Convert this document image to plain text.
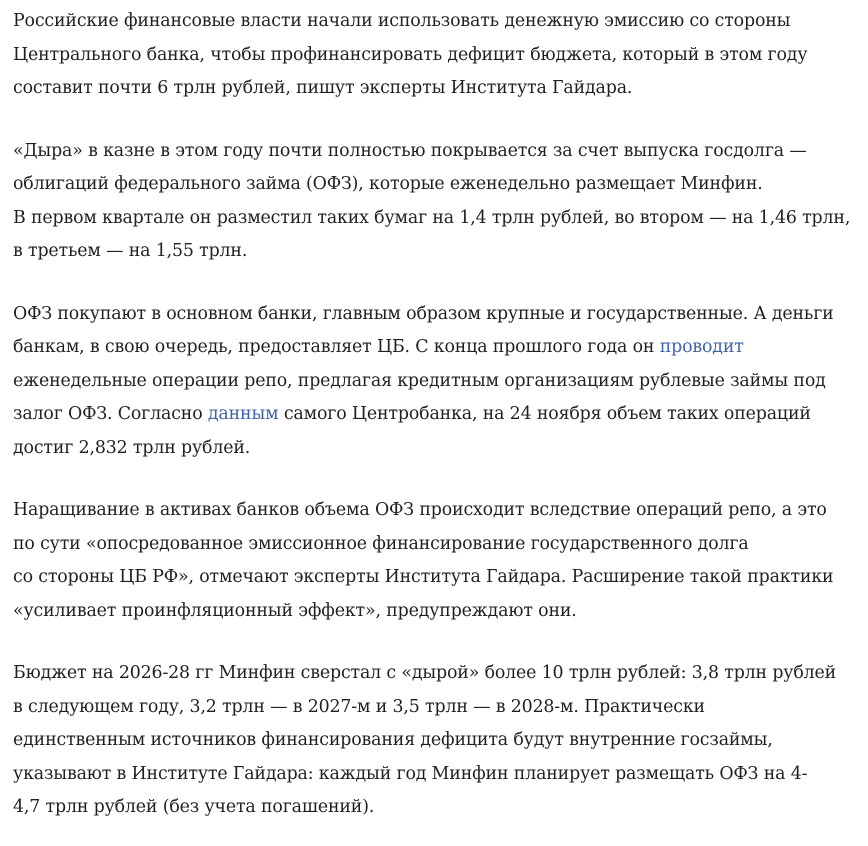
Российские финансовые власти начали использовать денежную эмиссию со стороны
Центрального банка, чтобы профинансировать дефицит бюджета, который в этом году
составит почти 6 трлн рублей, пишут эксперты Института Гайдара.

«Дыра» в казне в этом году почти полностью покрывается за счет выпуска госдолга —
облигаций федерального займа (ОФЗ), которые еженедельно размещает Минфин.
В первом квартале он разместил таких бумаг на 1,4 трлн рублей, во втором — на 1,46 трлн,
в третьем — на 1,55 трлн.

ОФЗ покупают в основном банки, главным образом крупные и государственные. А деньги
банкам, в свою очередь, предоставляет ЦБ. С конца прошлого года он проводит
еженедельные операции репо, предлагая кредитным организациям рублевые займы под
залог ОФЗ. Согласно данным самого Центробанка, на 24 ноября объем таких операций
достиг 2,832 трлн рублей.

Наращивание в активах банков объема ОФЗ происходит вследствие операций репо, а это
по сути «опосредованное эмиссионное финансирование государственного долга
со стороны ЦБ РФ», отмечают эксперты Института Гайдара. Расширение такой практики
«усиливает проинфляционный эффект», предупреждают они.

Бюджет на 2026-28 гг Минфин сверстал с «дырой» более 10 трлн рублей: 3,8 трлн рублей
в следующем году, 3,2 трлн — в 2027-м и 3,5 трлн — в 2028-м. Практически
единственным источников финансирования дефицита будут внутренние госзаймы,
указывают в Институте Гайдара: каждый год Минфин планирует размещать ОФЗ на 4-
4,7 трлн рублей (без учета погашений).
